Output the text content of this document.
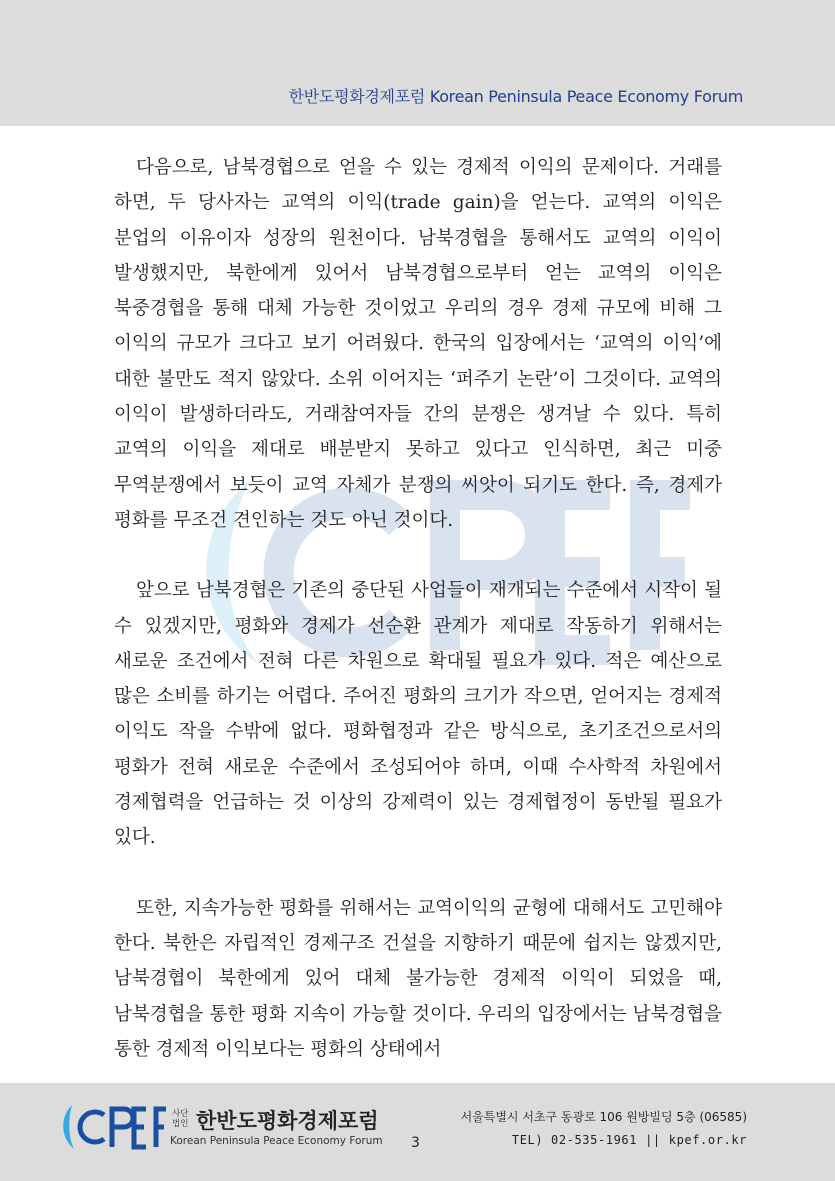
한반도평화경제포럼 Korean Peninsula Peace Economy Forum

다음으로, 남북경협으로 얻을 수 있는 경제적 이익의 문제이다. 거래를 하면, 두 당사자는 교역의 이익(trade gain)을 얻는다. 교역의 이익은 분업의 이유이자 성장의 원천이다. 남북경협을 통해서도 교역의 이익이 발생했지만, 북한에게 있어서 남북경협으로부터 얻는 교역의 이익은 북중경협을 통해 대체 가능한 것이었고 우리의 경우 경제 규모에 비해 그 이익의 규모가 크다고 보기 어려웠다. 한국의 입장에서는 ‘교역의 이익’에 대한 불만도 적지 않았다. 소위 이어지는 ‘퍼주기 논란’이 그것이다. 교역의 이익이 발생하더라도, 거래참여자들 간의 분쟁은 생겨날 수 있다. 특히 교역의 이익을 제대로 배분받지 못하고 있다고 인식하면, 최근 미중 무역분쟁에서 보듯이 교역 자체가 분쟁의 씨앗이 되기도 한다. 즉, 경제가 평화를 무조건 견인하는 것도 아닌 것이다.

앞으로 남북경협은 기존의 중단된 사업들이 재개되는 수준에서 시작이 될 수 있겠지만, 평화와 경제가 선순환 관계가 제대로 작동하기 위해서는 새로운 조건에서 전혀 다른 차원으로 확대될 필요가 있다. 적은 예산으로 많은 소비를 하기는 어렵다. 주어진 평화의 크기가 작으면, 얻어지는 경제적 이익도 작을 수밖에 없다. 평화협정과 같은 방식으로, 초기조건으로서의 평화가 전혀 새로운 수준에서 조성되어야 하며, 이때 수사학적 차원에서 경제협력을 언급하는 것 이상의 강제력이 있는 경제협정이 동반될 필요가 있다.

또한, 지속가능한 평화를 위해서는 교역이익의 균형에 대해서도 고민해야 한다. 북한은 자립적인 경제구조 건설을 지향하기 때문에 쉽지는 않겠지만, 남북경협이 북한에게 있어 대체 불가능한 경제적 이익이 되었을 때, 남북경협을 통한 평화 지속이 가능할 것이다. 우리의 입장에서는 남북경협을 통한 경제적 이익보다는 평화의 상태에서

KPEF
사단법인 한반도평화경제포럼
Korean Peninsula Peace Economy Forum 3
서울특별시 서초구 동광로 106 원방빌딩 5층 (06585)
TEL) 02-535-1961 || kpef.or.kr
